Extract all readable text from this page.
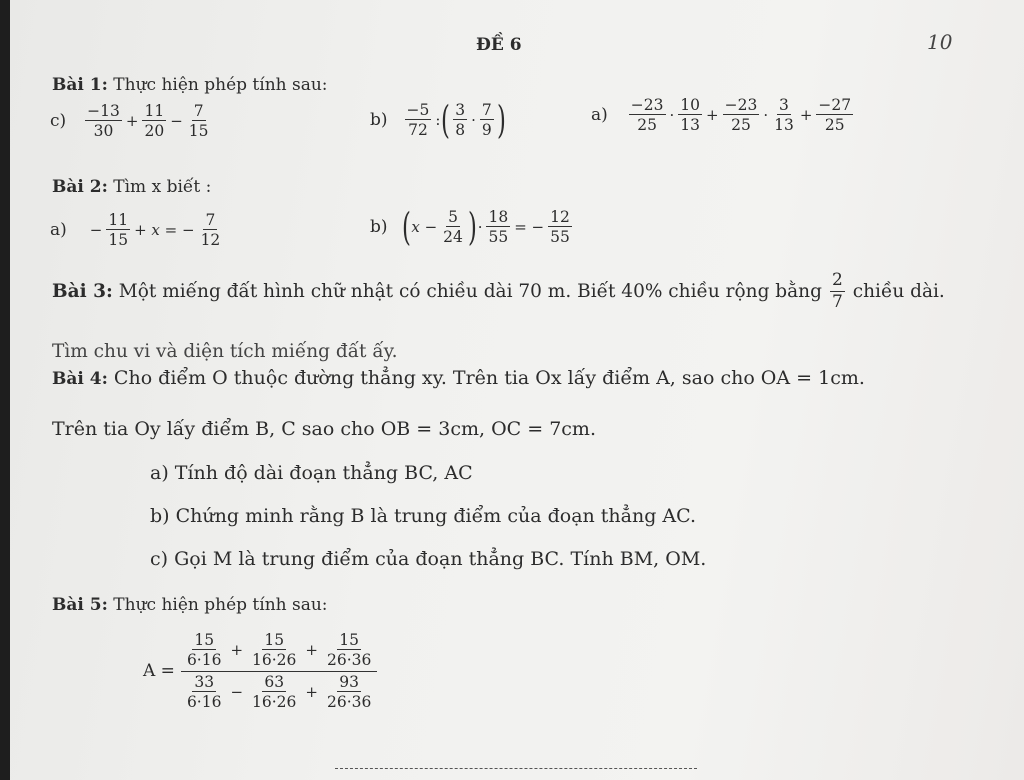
ĐỀ 6	10
Bài 1: Thực hiện phép tính sau:
$c) \frac{-13}{30} + \frac{11}{20} - \frac{7}{15}$	$b) \frac{-5}{72}$ : ( $\frac{3}{8} \cdot \frac{7}{9}$ )	$a) \frac{-23}{25} \cdot \frac{10}{13} + \frac{-23}{25} \cdot \frac{3}{13} + \frac{-27}{25}$
Bài 2: Tìm x biết :
$a) - \frac{11}{15} + x$ = − $\frac{7}{12}$	b) ( $x - \frac{5}{24}$ ) · $\frac{18}{55}$ = − $\frac{12}{55}$
Bài 3: Một miếng đất hình chữ nhật có chiều dài 70 m. Biết 40% chiều rộng bằng $\frac{2}{7}$ chiều dài.
Tìm chu vi và diện tích miếng đất ấy.
Bài 4: Cho điểm O thuộc đường thẳng xy. Trên tia Ox lấy điểm A, sao cho OA = 1cm.
Trên tia Oy lấy điểm B, C sao cho OB = 3cm, OC = 7cm.
a) Tính độ dài đoạn thẳng BC, AC
b) Chứng minh rằng B là trung điểm của đoạn thẳng AC.
c) Gọi M là trung điểm của đoạn thẳng BC. Tính BM, OM.
Bài 5: Thực hiện phép tính sau:
A =
$\frac{15}{6\cdot 16} + \frac{15}{16\cdot 26} + \frac{15}{26\cdot 36}$
$\frac{33}{6\cdot 16} - \frac{63}{16\cdot 26} + \frac{93}{26\cdot 36}$
